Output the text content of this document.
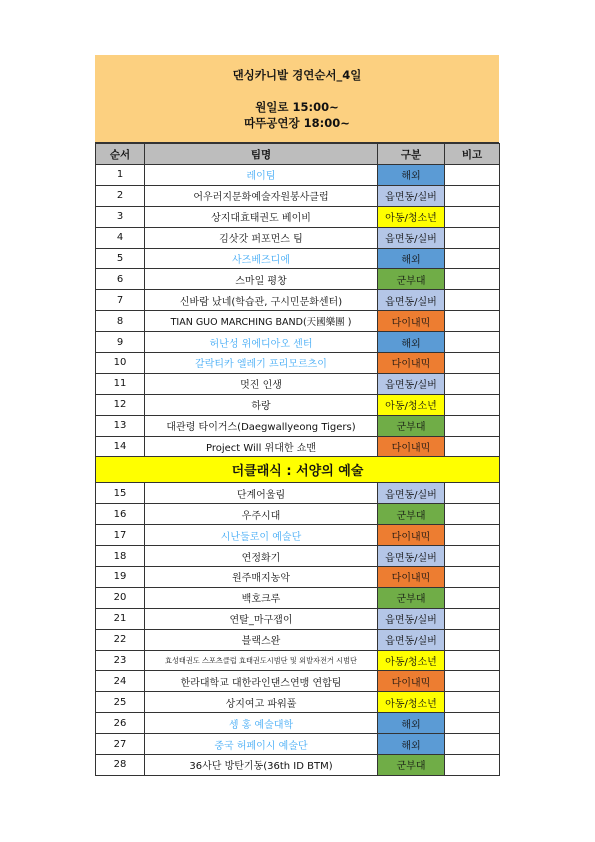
댄싱카니발 경연순서_4일
원일로 15:00~
따뚜공연장 18:00~
순서	팀명	구분	비고
1	레이팀	해외	
2	어우러지문화예술자원봉사클럽	읍면동/실버	
3	상지대효태권도 베이비	아동/청소년	
4	김삿갓 퍼포먼스 팀	읍면동/실버	
5	사즈베즈디에	해외	
6	스마일 평창	군부대	
7	신바람 났네(학습관, 구시민문화센터)	읍면동/실버	
8	TIAN GUO MARCHING BAND(天國樂團 )	다이내믹	
9	허난성 위에디아오 센터	해외	
10	갈락티카 엘레기 프리모르츠이	다이내믹	
11	멋진 인생	읍면동/실버	
12	하랑	아동/청소년	
13	대관령 타이거스(Daegwallyeong Tigers)	군부대	
14	Project Will 위대한 쇼맨	다이내믹	
더클래식 : 서양의 예술			
15	단계어울림	읍면동/실버	
16	우주시대	군부대	
17	시난둘로이 예술단	다이내믹	
18	연정화기	읍면동/실버	
19	원주매지농악	다이내믹	
20	백호크루	군부대	
21	연탈_마구잽이	읍면동/실버	
22	블랙스완	읍면동/실버	
23	효성태권도 스포츠클럽 효태권도시범단 및 외발자전거 시범단	아동/청소년	
24	한라대학교 대한라인댄스연맹 연합팀	다이내믹	
25	상지여고 파워풀	아동/청소년	
26	셍 홍 예술대학	해외	
27	중국 허페이시 예술단	해외	
28	36사단 방탄기동(36th ID BTM)	군부대	
